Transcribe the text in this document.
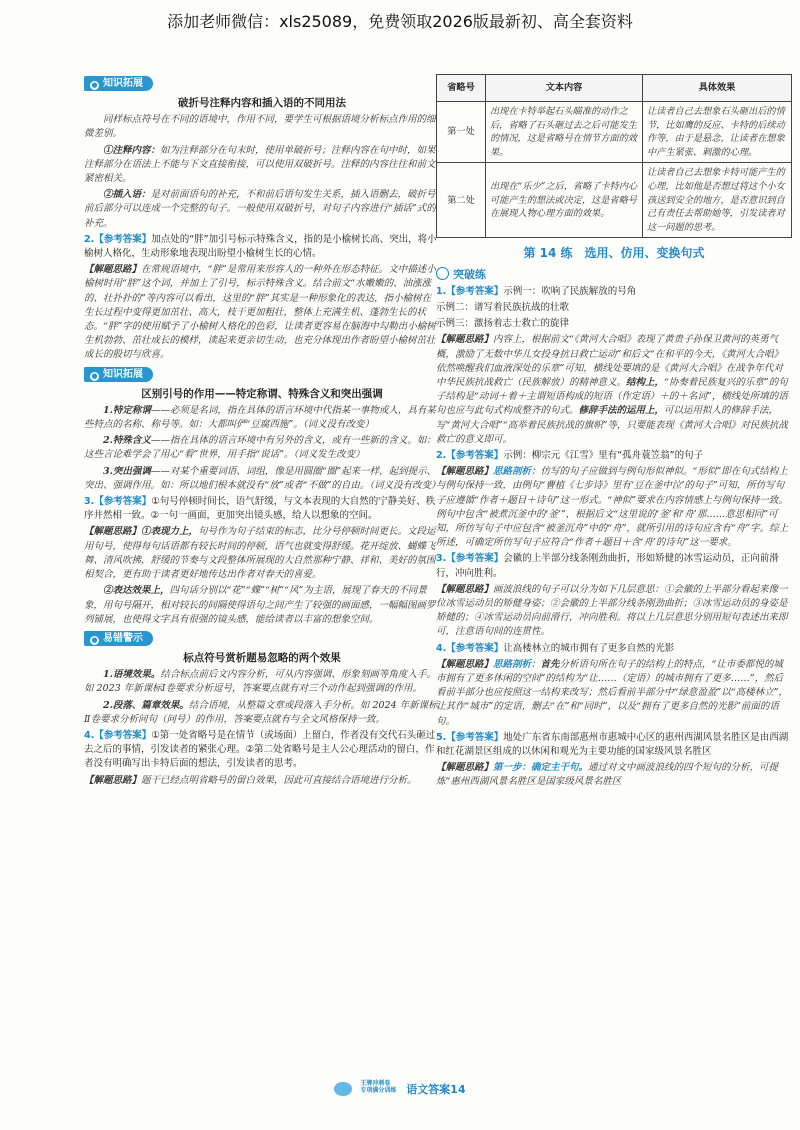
添加老师微信：xls25089，免费领取2026版最新初、高全套资料
● 知识拓展
破折号注释内容和插入语的不同用法

同样标点符号在不同的语境中，作用不同，要学生可根据语境分析标点作用的细微差别。

①注释内容：如为注释部分在句末时，使用单破折号；注释内容在句中时，如果注释部分在语法上不能与下文直接衔接，可以使用双破折号。注释的内容往往和前文紧密相关。

②插入语：是对前面语句的补充，不和前后语句发生关系，插入语删去，破折号前后部分可以连成一个完整的句子。一般使用双破折号，对句子内容进行“插话”式的补充。

2.【参考答案】加点处的“胖”加引号标示特殊含义，指的是小榆树长高、突出，将小榆树人格化，生动形象地表现出盼望小榆树生长的心情。

【解题思路】在常规语境中，“胖”是常用来形容人的一种外在形态特征。文中描述小榆树时用“胖”这个词，并加上了引号，标示特殊含义。结合前文“水嫩嫩的、油涨涨的、壮扑扑的”等内容可以看出，这里的“胖”其实是一种形象化的表达，指小榆树在生长过程中变得更加茁壮、高大，枝干更加粗壮，整体上充满生机、蓬勃生长的状态。“胖”字的使用赋予了小榆树人格化的色彩，让读者更容易在脑海中勾勒出小榆树生机勃勃、茁壮成长的模样，读起来更亲切生动，也充分体现出作者盼望小榆树茁壮成长的殷切与欣喜。

● 知识拓展
区别引号的作用——特定称谓、特殊含义和突出强调

1.特定称谓——必须是名词，指在具体的语言环境中代指某一事物或人，具有某些特点的名称、称号等。如：大都叫俨“豆腐西施”。（词义没有改变）

2.特殊含义——指在具体的语言环境中有另外的含义，或有一些新的含义。如：这些言论难学会了用心“看”世界，用手指“说话”。（词义发生改变）

3.突出强调——对某个重要词语、词组，像是用圆圈“圈”起来一样，起到提示、突出、强调作用。如：所以地们根本就没有“放”或者“不做”的自由。（词义没有改变）

3.【参考答案】①句号停顿时间长，语气舒缓，与文本表现的大自然的宁静美好、秩序井然相一致。②一句一画面，更加突出镜头感，给人以想象的空间。

【解题思路】①表现力上，句号作为句子结束的标志，比分号停顿时间更长。文段运用句号，使得每句话语都有较长时间的停顿，语气也就变得舒缓。花开绽放、蝴蝶飞舞、清风吹拂，舒缓的节奏与文段整体所展现的大自然那种宁静、祥和、美好的氛围相契合，更有助于读者更好地传达出作者对春天的喜爱。

②表达效果上，四句话分别以“花”“蝶”“树”“风”为主语，展现了春天的不同景象，用句号隔开，相对较长的间隔使得语句之间产生了较强的画面感，一幅幅图画罗列铺展，也使得文字具有很强的镜头感，能给读者以丰富的想象空间。

● 易错警示
标点符号赏析题易忽略的两个效果

1.语境效果。结合标点前后文内容分析，可从内容强调、形象刻画等角度入手。如 2023 年新课标Ⅰ卷要求分析逗号，答案要点就有对三个动作起到强调的作用。

2.段落、篇章效果。结合语境，从整篇文章或段落入手分析。如 2024 年新课标Ⅱ卷要求分析问句（问号）的作用，答案要点就有与全文风格保持一致。

4.【参考答案】①第一处省略号是在情节（或场面）上留白，作者没有交代石头砸过去之后的事情，引发读者的紧张心理。②第二处省略号是主人公心理活动的留白，作者没有明确写出卡特后面的想法，引发读者的思考。

【解题思路】题干已经点明省略号的留白效果，因此可直接结合语境进行分析。

省略号	文本内容	具体效果
第一处	出现在卡特举起石头瞄准的动作之后，省略了石头砸过去之后可能发生的情况，这是省略号在情节方面的效果。	让读者自己去想象石头砸出后的情节，比如鹰的反应、卡特的后续动作等，由于是悬念，让读者在想象中产生紧张、刺激的心理。
第二处	出现在“乐少”之后，省略了卡特内心可能产生的想法或决定，这是省略号在展现人物心理方面的效果。	让读者自己去想象卡特可能产生的心理，比如他是否想过将这个小女孩送到安全的地方，是否意识到自己有责任去帮助她等，引发读者对这一问题的思考。
第 14 练　选用、仿用、变换句式
突破练

1.【参考答案】示例一：吹响了民族解放的号角

示例二：谱写着民族抗战的壮歌

示例三：激扬着志士救亡的旋律

【解题思路】内容上，根据前文“《黄河大合唱》表现了黄贵子孙保卫黄河的英勇气概，激励了无数中华儿女投身抗日救亡运动”和后文“在和平的今天，《黄河大合唱》依然唤醒我们血液深处的乐章”可知，横线处要填的是《黄河大合唱》在战争年代对中华民族抗战救亡（民族解放）的精神意义。结构上，“协奏着民族复兴的乐章”的句子结构是“动词＋着＋主谓短语构成的短语（作定语）＋的＋名词”，横线处所填的语句也应与此句式构成整齐的句式。修辞手法的运用上，可以运用拟人的修辞手法，写“黄河大合唱”“高举着民族抗战的旗帜”等，只要能表现《黄河大合唱》对民族抗战救亡的意义即可。

2.【参考答案】示例：柳宗元《江雪》里有“孤舟蓑笠翁”的句子

【解题思路】思路剖析：仿写的句子应做到与例句形似神似。“形似”即在句式结构上与例句保持一致，由例句“曹植《七步诗》里有‘豆在釜中泣’的句子”可知，所仿写句子应遵循“作者＋题目＋诗句”这一形式。“神似”要求在内容情感上与例句保持一致。例句中包含“被煮沉釜中的‘釜’”，根据后文“这里说的‘釜’和‘舟’那……意思相同”可知，所仿写句子中应包含“被釜沉舟”中的“舟”，就所引用的诗句应含有“舟”字。综上所述，可确定所仿写句子应符合“作者＋题目＋含‘舟’的诗句”这一要求。

3.【参考答案】会徽的上半部分线条刚劲曲折，形如矫健的冰雪运动员，正向前滑行，冲向胜利。

【解题思路】画波浪线的句子可以分为如下几层意思：①会徽的上半部分看起来像一位冰雪运动员的矫健身姿；②会徽的上半部分线条刚劲曲折；③冰雪运动员的身姿是矫健的；④冰雪运动员向前滑行，冲向胜利。将以上几层意思分别用短句表述出来即可，注意语句间的连贯性。

4.【参考答案】让高楼林立的城市拥有了更多自然的光影

【解题思路】思路剖析：首先分析语句所在句子的结构上的特点，“让市委都悦的城市拥有了更多休闲的空间”的结构为“让……（定语）的城市拥有了更多……”，然后看前半部分也应按照这一结构来改写；然后看前半部分中“绿意盈盈”以“高楼林立”，让其作“城市”的定语，删去“在”和“同时”，以及“拥有了更多自然的光影”前面的语句。

5.【参考答案】地处广东省东南部惠州市惠城中心区的惠州西湖风景名胜区是由西湖和红花湖景区组成的以休闲和观光为主要功能的国家级风景名胜区

【解题思路】第一步：确定主干句。通过对文中画波浪线的四个短句的分析，可提炼“惠州西湖风景名胜区是国家级风景名胜区

王牌冲刺卷
专项满分训练 语文答案14
